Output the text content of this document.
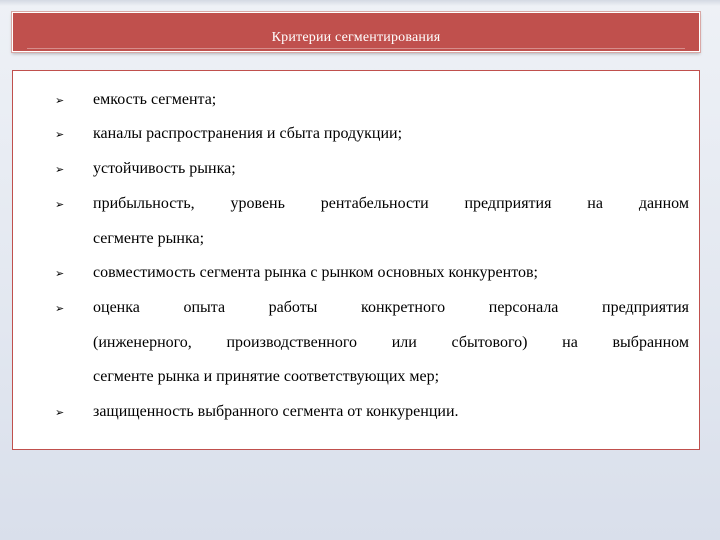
Критерии сегментирования
➢ емкость сегмента;
➢ каналы распространения и сбыта продукции;
➢ устойчивость рынка;
➢ прибыльность, уровень рентабельности предприятия на данном
сегменте рынка;
➢ совместимость сегмента рынка с рынком основных конкурентов;
➢ оценка опыта работы конкретного персонала предприятия
(инженерного, производственного или сбытового) на выбранном
сегменте рынка и принятие соответствующих мер;
➢ защищенность выбранного сегмента от конкуренции.
